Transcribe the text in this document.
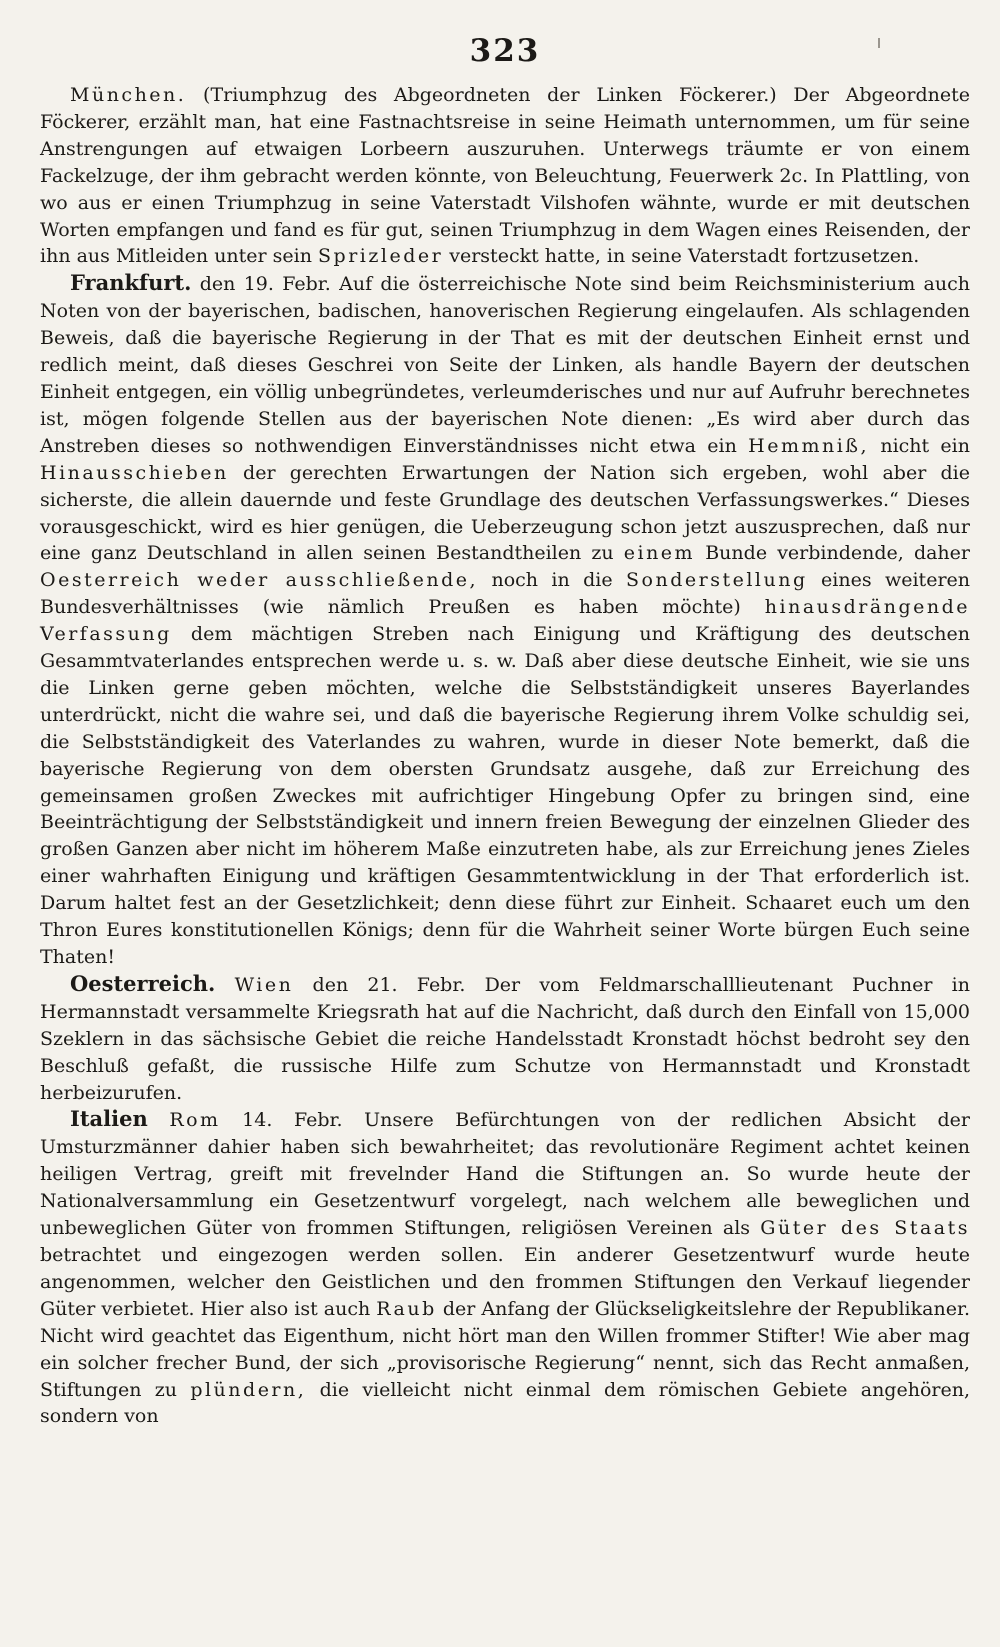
323

München. (Triumphzug des Abgeordneten der Linken Föckerer.) Der Abgeordnete Föckerer, erzählt man, hat eine Fastnachtsreise in seine Heimath unternommen, um für seine Anstrengungen auf etwaigen Lorbeern auszuruhen. Unterwegs träumte er von einem Fackelzuge, der ihm gebracht werden könnte, von Beleuchtung, Feuerwerk 2c. In Plattling, von wo aus er einen Triumphzug in seine Vaterstadt Vilshofen wähnte, wurde er mit deutschen Worten empfangen und fand es für gut, seinen Triumphzug in dem Wagen eines Reisenden, der ihn aus Mitleiden unter sein Sprizleder versteckt hatte, in seine Vaterstadt fortzusetzen.

Frankfurt. den 19. Febr. Auf die österreichische Note sind beim Reichsministerium auch Noten von der bayerischen, badischen, hanoverischen Regierung eingelaufen. Als schlagenden Beweis, daß die bayerische Regierung in der That es mit der deutschen Einheit ernst und redlich meint, daß dieses Geschrei von Seite der Linken, als handle Bayern der deutschen Einheit entgegen, ein völlig unbegründetes, verleumderisches und nur auf Aufruhr berechnetes ist, mögen folgende Stellen aus der bayerischen Note dienen: „Es wird aber durch das Anstreben dieses so nothwendigen Einverständnisses nicht etwa ein Hemmniß, nicht ein Hinausschieben der gerechten Erwartungen der Nation sich ergeben, wohl aber die sicherste, die allein dauernde und feste Grundlage des deutschen Verfassungswerkes.“ Dieses vorausgeschickt, wird es hier genügen, die Ueberzeugung schon jetzt auszusprechen, daß nur eine ganz Deutschland in allen seinen Bestandtheilen zu einem Bunde verbindende, daher Oesterreich weder ausschließende, noch in die Sonderstellung eines weiteren Bundesverhältnisses (wie nämlich Preußen es haben möchte) hinausdrängende Verfassung dem mächtigen Streben nach Einigung und Kräftigung des deutschen Gesammtvaterlandes entsprechen werde u. s. w. Daß aber diese deutsche Einheit, wie sie uns die Linken gerne geben möchten, welche die Selbstständigkeit unseres Bayerlandes unterdrückt, nicht die wahre sei, und daß die bayerische Regierung ihrem Volke schuldig sei, die Selbstständigkeit des Vaterlandes zu wahren, wurde in dieser Note bemerkt, daß die bayerische Regierung von dem obersten Grundsatz ausgehe, daß zur Erreichung des gemeinsamen großen Zweckes mit aufrichtiger Hingebung Opfer zu bringen sind, eine Beeinträchtigung der Selbstständigkeit und innern freien Bewegung der einzelnen Glieder des großen Ganzen aber nicht im höherem Maße einzutreten habe, als zur Erreichung jenes Zieles einer wahrhaften Einigung und kräftigen Gesammtentwicklung in der That erforderlich ist. Darum haltet fest an der Gesetzlichkeit; denn diese führt zur Einheit. Schaaret euch um den Thron Eures konstitutionellen Königs; denn für die Wahrheit seiner Worte bürgen Euch seine Thaten!

Oesterreich. Wien den 21. Febr. Der vom Feldmarschalllieutenant Puchner in Hermannstadt versammelte Kriegsrath hat auf die Nachricht, daß durch den Einfall von 15,000 Szeklern in das sächsische Gebiet die reiche Handelsstadt Kronstadt höchst bedroht sey den Beschluß gefaßt, die russische Hilfe zum Schutze von Hermannstadt und Kronstadt herbeizurufen.

Italien Rom 14. Febr. Unsere Befürchtungen von der redlichen Absicht der Umsturzmänner dahier haben sich bewahrheitet; das revolutionäre Regiment achtet keinen heiligen Vertrag, greift mit frevelnder Hand die Stiftungen an. So wurde heute der Nationalversammlung ein Gesetzentwurf vorgelegt, nach welchem alle beweglichen und unbeweglichen Güter von frommen Stiftungen, religiösen Vereinen als Güter des Staats betrachtet und eingezogen werden sollen. Ein anderer Gesetzentwurf wurde heute angenommen, welcher den Geistlichen und den frommen Stiftungen den Verkauf liegender Güter verbietet. Hier also ist auch Raub der Anfang der Glückseligkeitslehre der Republikaner. Nicht wird geachtet das Eigenthum, nicht hört man den Willen frommer Stifter! Wie aber mag ein solcher frecher Bund, der sich „provisorische Regierung“ nennt, sich das Recht anmaßen, Stiftungen zu plündern, die vielleicht nicht einmal dem römischen Gebiete angehören, sondern von
